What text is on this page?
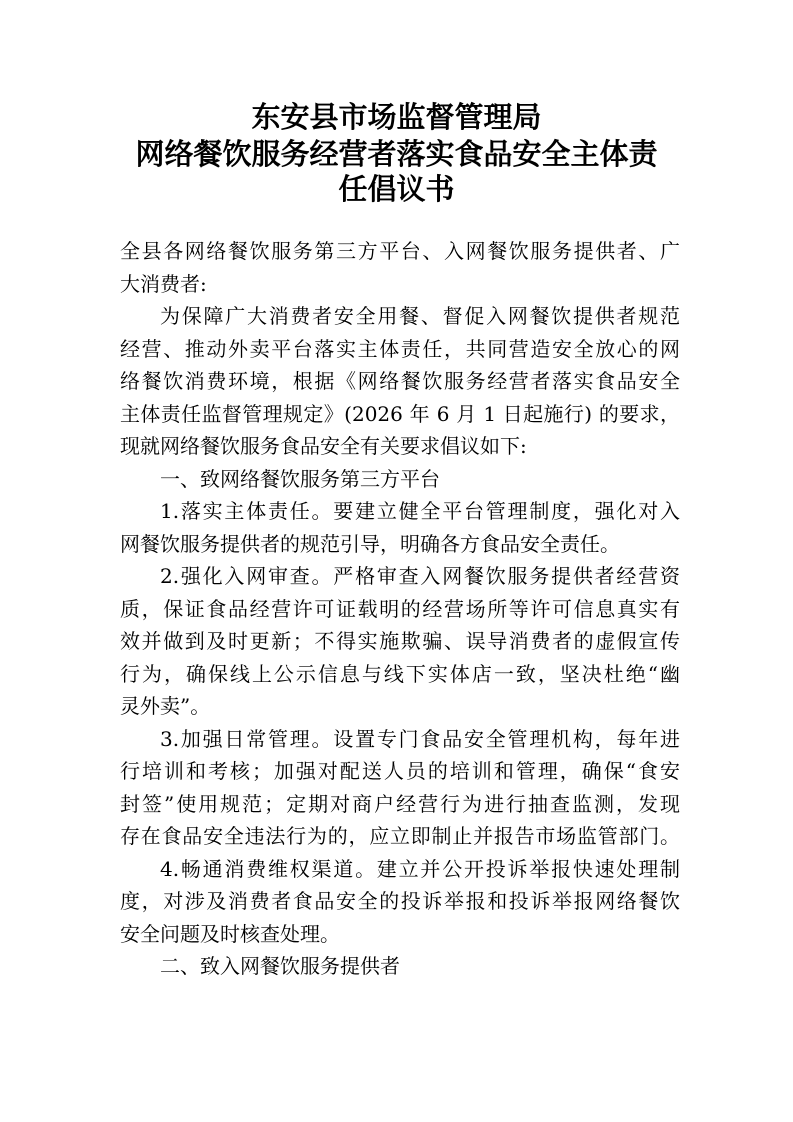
东安县市场监督管理局
网络餐饮服务经营者落实食品安全主体责
任倡议书
全县各网络餐饮服务第三方平台、入网餐饮服务提供者、广
大消费者:
为保障广大消费者安全用餐、督促入网餐饮提供者规范
经营、推动外卖平台落实主体责任，共同营造安全放心的网
络餐饮消费环境，根据《网络餐饮服务经营者落实食品安全
主体责任监督管理规定》(2026 年 6 月 1 日起施行) 的要求，
现就网络餐饮服务食品安全有关要求倡议如下:
一、致网络餐饮服务第三方平台
1.落实主体责任。要建立健全平台管理制度，强化对入
网餐饮服务提供者的规范引导，明确各方食品安全责任。
2.强化入网审查。严格审查入网餐饮服务提供者经营资
质，保证食品经营许可证载明的经营场所等许可信息真实有
效并做到及时更新；不得实施欺骗、误导消费者的虚假宣传
行为，确保线上公示信息与线下实体店一致，坚决杜绝“幽
灵外卖”。
3.加强日常管理。设置专门食品安全管理机构，每年进
行培训和考核；加强对配送人员的培训和管理，确保“食安
封签”使用规范；定期对商户经营行为进行抽查监测，发现
存在食品安全违法行为的，应立即制止并报告市场监管部门。
4.畅通消费维权渠道。建立并公开投诉举报快速处理制
度，对涉及消费者食品安全的投诉举报和投诉举报网络餐饮
安全问题及时核查处理。
二、致入网餐饮服务提供者
